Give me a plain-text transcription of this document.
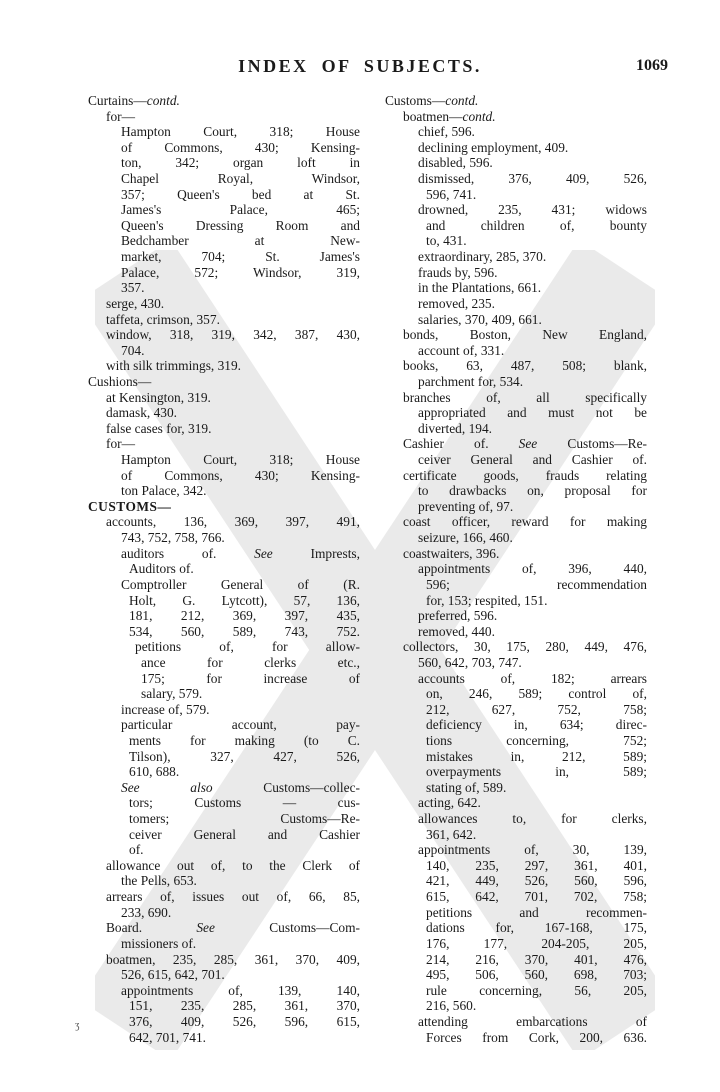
INDEX OF SUBJECTS.	1069
Curtains—contd.
for—
Hampton Court, 318; House
of Commons, 430; Kensing-
ton, 342; organ loft in
Chapel Royal, Windsor,
357; Queen's bed at St.
James's Palace, 465;
Queen's Dressing Room and
Bedchamber at New-
market, 704; St. James's
Palace, 572; Windsor, 319,
357.
serge, 430.
taffeta, crimson, 357.
window, 318, 319, 342, 387, 430,
704.
with silk trimmings, 319.
Cushions—
at Kensington, 319.
damask, 430.
false cases for, 319.
for—
Hampton Court, 318; House
of Commons, 430; Kensing-
ton Palace, 342.
CUSTOMS—
accounts, 136, 369, 397, 491,
743, 752, 758, 766.
auditors of. See Imprests,
Auditors of.
Comptroller General of (R.
Holt, G. Lytcott), 57, 136,
181, 212, 369, 397, 435,
534, 560, 589, 743, 752.
petitions of, for allow-
ance for clerks etc.,
175; for increase of
salary, 579.
increase of, 579.
particular account, pay-
ments for making (to C.
Tilson), 327, 427, 526,
610, 688.
See also Customs—collec-
tors; Customs — cus-
tomers; Customs—Re-
ceiver General and Cashier
of.
allowance out of, to the Clerk of
the Pells, 653.
arrears of, issues out of, 66, 85,
233, 690.
Board. See Customs—Com-
missioners of.
boatmen, 235, 285, 361, 370, 409,
526, 615, 642, 701.
appointments of, 139, 140,
151, 235, 285, 361, 370,
376, 409, 526, 596, 615,
642, 701, 741.
Customs—contd.
boatmen—contd.
chief, 596.
declining employment, 409.
disabled, 596.
dismissed, 376, 409, 526,
596, 741.
drowned, 235, 431; widows
and children of, bounty
to, 431.
extraordinary, 285, 370.
frauds by, 596.
in the Plantations, 661.
removed, 235.
salaries, 370, 409, 661.
bonds, Boston, New England,
account of, 331.
books, 63, 487, 508; blank,
parchment for, 534.
branches of, all specifically
appropriated and must not be
diverted, 194.
Cashier of. See Customs—Re-
ceiver General and Cashier of.
certificate goods, frauds relating
to drawbacks on, proposal for
preventing of, 97.
coast officer, reward for making
seizure, 166, 460.
coastwaiters, 396.
appointments of, 396, 440,
596; recommendation
for, 153; respited, 151.
preferred, 596.
removed, 440.
collectors, 30, 175, 280, 449, 476,
560, 642, 703, 747.
accounts of, 182; arrears
on, 246, 589; control of,
212, 627, 752, 758;
deficiency in, 634; direc-
tions concerning, 752;
mistakes in, 212, 589;
overpayments in, 589;
stating of, 589.
acting, 642.
allowances to, for clerks,
361, 642.
appointments of, 30, 139,
140, 235, 297, 361, 401,
421, 449, 526, 560, 596,
615, 642, 701, 702, 758;
petitions and recommen-
dations for, 167-168, 175,
176, 177, 204-205, 205,
214, 216, 370, 401, 476,
495, 506, 560, 698, 703;
rule concerning, 56, 205,
216, 560.
attending embarcations of
Forces from Cork, 200, 636.
ʒ
